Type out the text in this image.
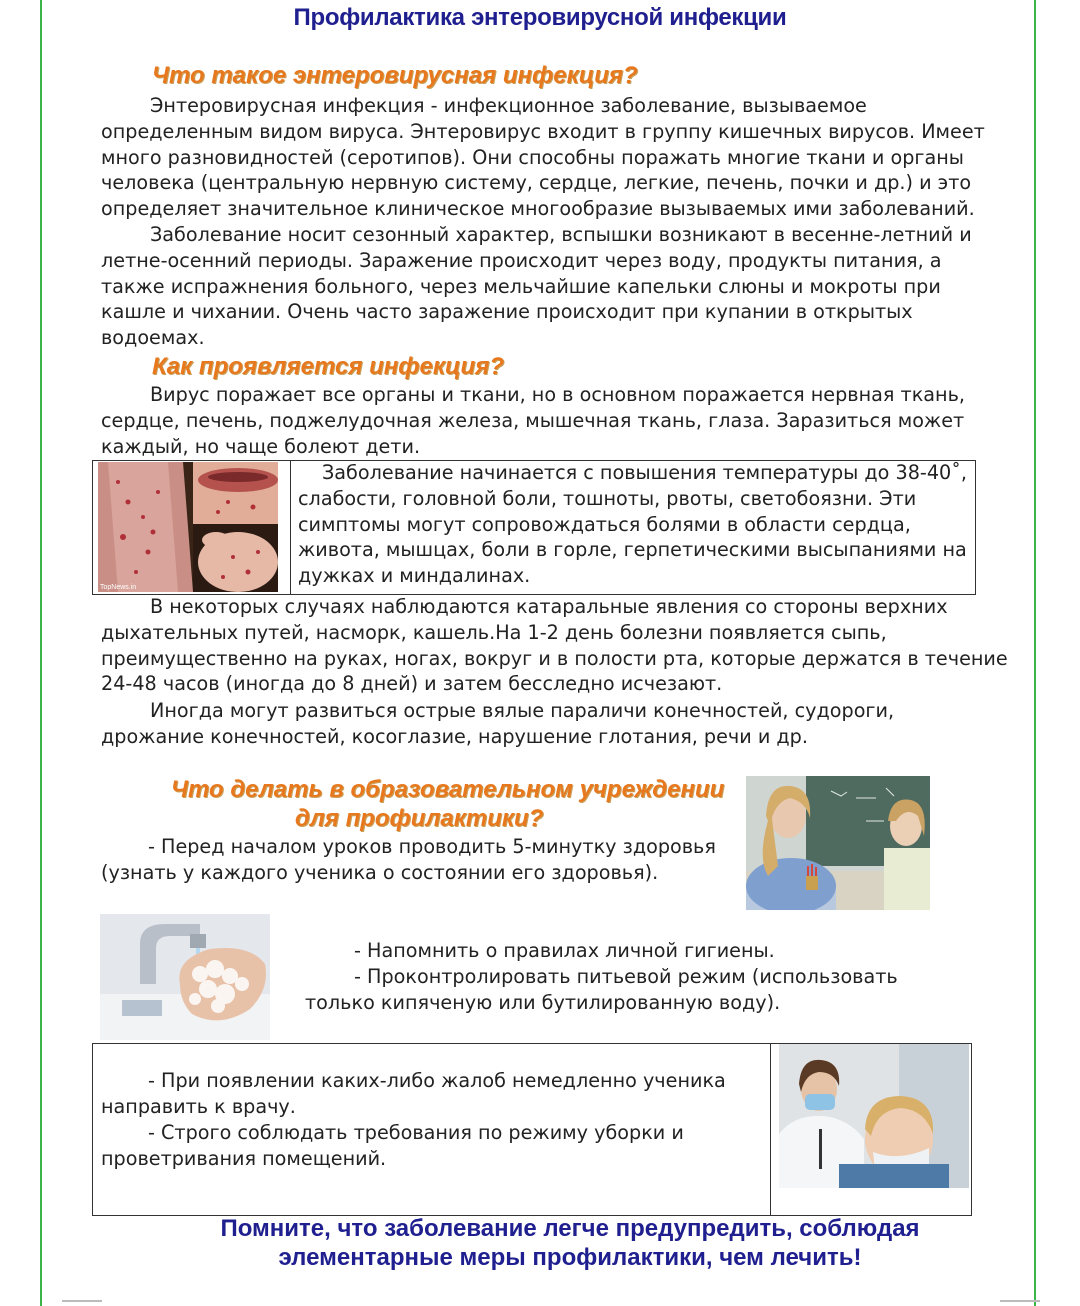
Профилактика энтеровирусной инфекции
Что такое энтеровирусная инфекция?

Энтеровирусная инфекция - инфекционное заболевание, вызываемое определенным видом вируса. Энтеровирус входит в группу кишечных вирусов. Имеет много разновидностей (серотипов). Они способны поражать многие ткани и органы человека (центральную нервную систему, сердце, легкие, печень, почки и др.) и это определяет значительное клиническое многообразие вызываемых ими заболеваний.

Заболевание носит сезонный характер, вспышки возникают в весенне-летний и летне-осенний периоды. Заражение происходит через воду, продукты питания, а также испражнения больного, через мельчайшие капельки слюны и мокроты при кашле и чихании. Очень часто заражение происходит при купании в открытых водоемах.

Как проявляется инфекция?

Вирус поражает все органы и ткани, но в основном поражается нервная ткань, сердце, печень, поджелудочная железа, мышечная ткань, глаза. Заразиться может каждый, но чаще болеют дети.

TopNews.in

Заболевание начинается с повышения температуры до 38-40˚, слабости, головной боли, тошноты, рвоты, светобоязни. Эти симптомы могут сопровождаться болями в области сердца, живота, мышцах, боли в горле, герпетическими высыпаниями на дужках и миндалинах.

В некоторых случаях наблюдаются катаральные явления со стороны верхних дыхательных путей, насморк, кашель.На 1-2 день болезни появляется сыпь, преимущественно на руках, ногах, вокруг и в полости рта, которые держатся в течение 24-48 часов (иногда до 8 дней) и затем бесследно исчезают.

Иногда могут развиться острые вялые параличи конечностей, судороги, дрожание конечностей, косоглазие, нарушение глотания, речи и др.

Что делать в образовательном учреждении
для профилактики?

- Перед началом уроков проводить 5-минутку здоровья (узнать у каждого ученика о состоянии его здоровья).

- Напомнить о правилах личной гигиены.

- Проконтролировать питьевой режим (использовать только кипяченую или бутилированную воду).

- При появлении каких-либо жалоб немедленно ученика направить к врачу.

- Строго соблюдать требования по режиму уборки и проветривания помещений.

Помните, что заболевание легче предупредить, соблюдая
элементарные меры профилактики, чем лечить!
